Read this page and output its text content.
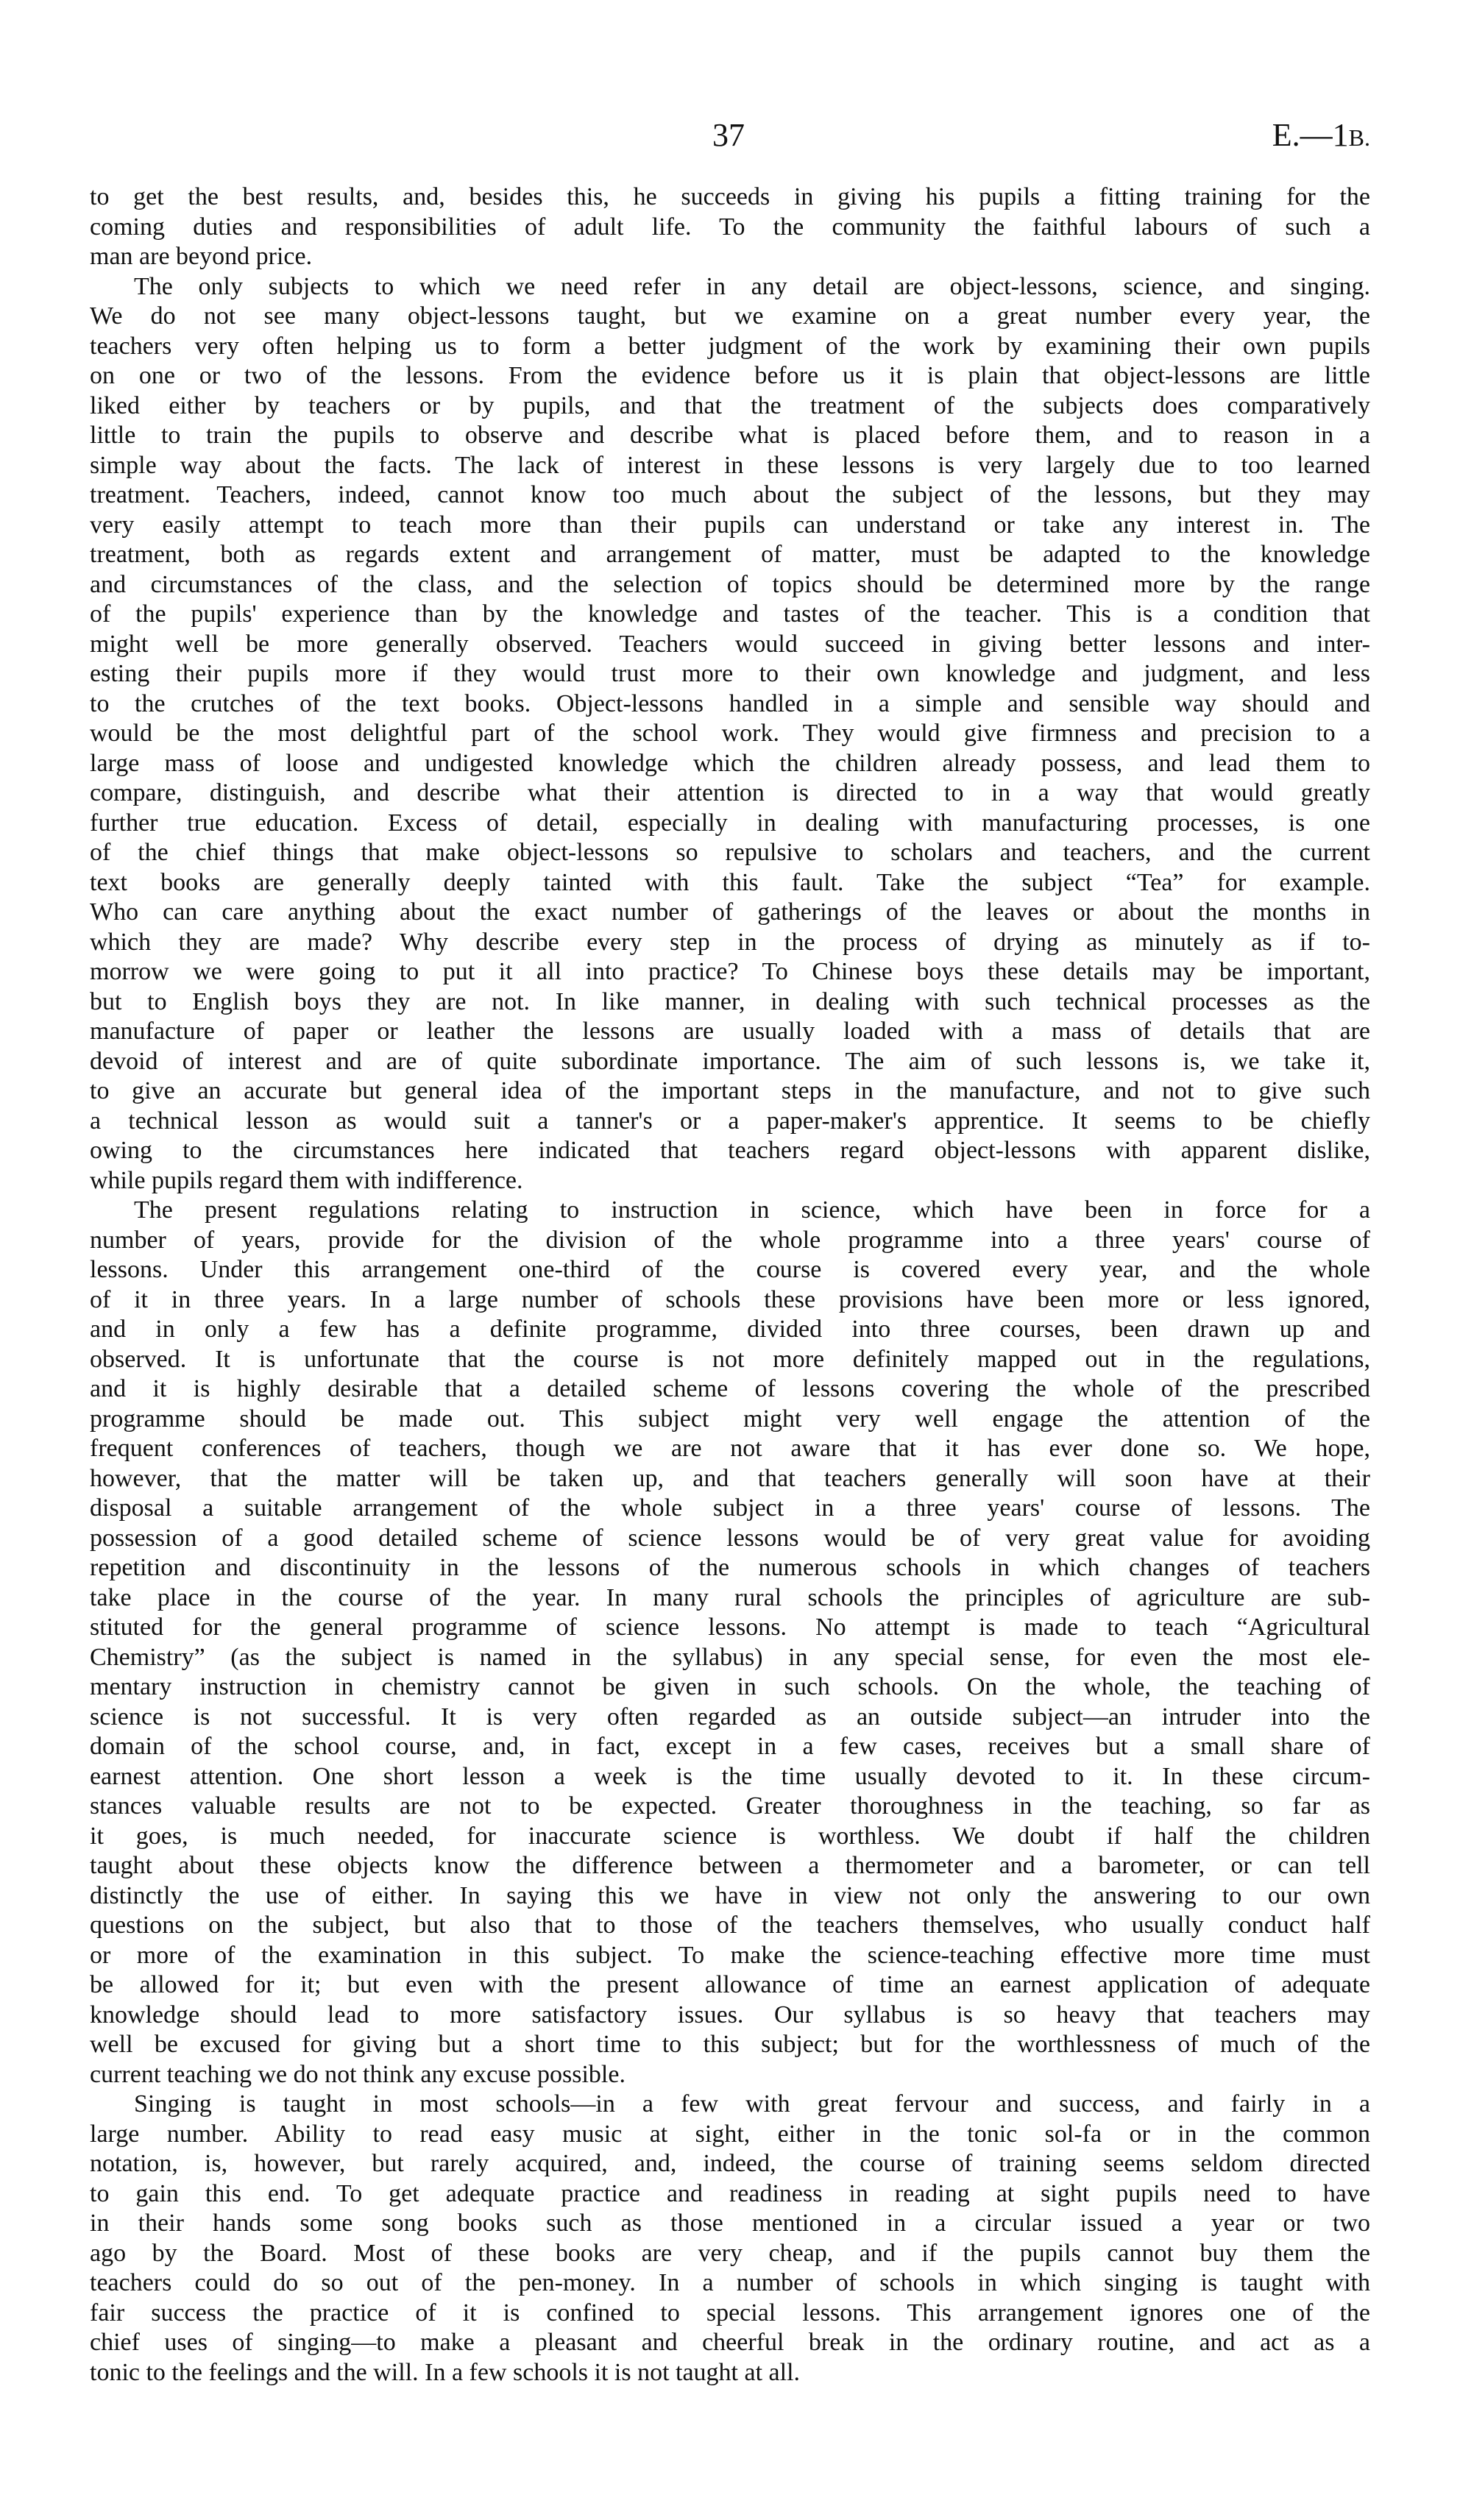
37	E.—1B.
to get the best results, and, besides this, he succeeds in giving his pupils a fitting training for the
coming duties and responsibilities of adult life. To the community the faithful labours of such a
man are beyond price.
The only subjects to which we need refer in any detail are object-lessons, science, and singing.
We do not see many object-lessons taught, but we examine on a great number every year, the
teachers very often helping us to form a better judgment of the work by examining their own pupils
on one or two of the lessons. From the evidence before us it is plain that object-lessons are little
liked either by teachers or by pupils, and that the treatment of the subjects does comparatively
little to train the pupils to observe and describe what is placed before them, and to reason in a
simple way about the facts. The lack of interest in these lessons is very largely due to too learned
treatment. Teachers, indeed, cannot know too much about the subject of the lessons, but they may
very easily attempt to teach more than their pupils can understand or take any interest in. The
treatment, both as regards extent and arrangement of matter, must be adapted to the knowledge
and circumstances of the class, and the selection of topics should be determined more by the range
of the pupils' experience than by the knowledge and tastes of the teacher. This is a condition that
might well be more generally observed. Teachers would succeed in giving better lessons and inter-
esting their pupils more if they would trust more to their own knowledge and judgment, and less
to the crutches of the text books. Object-lessons handled in a simple and sensible way should and
would be the most delightful part of the school work. They would give firmness and precision to a
large mass of loose and undigested knowledge which the children already possess, and lead them to
compare, distinguish, and describe what their attention is directed to in a way that would greatly
further true education. Excess of detail, especially in dealing with manufacturing processes, is one
of the chief things that make object-lessons so repulsive to scholars and teachers, and the current
text books are generally deeply tainted with this fault. Take the subject “Tea” for example.
Who can care anything about the exact number of gatherings of the leaves or about the months in
which they are made? Why describe every step in the process of drying as minutely as if to-
morrow we were going to put it all into practice? To Chinese boys these details may be important,
but to English boys they are not. In like manner, in dealing with such technical processes as the
manufacture of paper or leather the lessons are usually loaded with a mass of details that are
devoid of interest and are of quite subordinate importance. The aim of such lessons is, we take it,
to give an accurate but general idea of the important steps in the manufacture, and not to give such
a technical lesson as would suit a tanner's or a paper-maker's apprentice. It seems to be chiefly
owing to the circumstances here indicated that teachers regard object-lessons with apparent dislike,
while pupils regard them with indifference.
The present regulations relating to instruction in science, which have been in force for a
number of years, provide for the division of the whole programme into a three years' course of
lessons. Under this arrangement one-third of the course is covered every year, and the whole
of it in three years. In a large number of schools these provisions have been more or less ignored,
and in only a few has a definite programme, divided into three courses, been drawn up and
observed. It is unfortunate that the course is not more definitely mapped out in the regulations,
and it is highly desirable that a detailed scheme of lessons covering the whole of the prescribed
programme should be made out. This subject might very well engage the attention of the
frequent conferences of teachers, though we are not aware that it has ever done so. We hope,
however, that the matter will be taken up, and that teachers generally will soon have at their
disposal a suitable arrangement of the whole subject in a three years' course of lessons. The
possession of a good detailed scheme of science lessons would be of very great value for avoiding
repetition and discontinuity in the lessons of the numerous schools in which changes of teachers
take place in the course of the year. In many rural schools the principles of agriculture are sub-
stituted for the general programme of science lessons. No attempt is made to teach “Agricultural
Chemistry” (as the subject is named in the syllabus) in any special sense, for even the most ele-
mentary instruction in chemistry cannot be given in such schools. On the whole, the teaching of
science is not successful. It is very often regarded as an outside subject—an intruder into the
domain of the school course, and, in fact, except in a few cases, receives but a small share of
earnest attention. One short lesson a week is the time usually devoted to it. In these circum-
stances valuable results are not to be expected. Greater thoroughness in the teaching, so far as
it goes, is much needed, for inaccurate science is worthless. We doubt if half the children
taught about these objects know the difference between a thermometer and a barometer, or can tell
distinctly the use of either. In saying this we have in view not only the answering to our own
questions on the subject, but also that to those of the teachers themselves, who usually conduct half
or more of the examination in this subject. To make the science-teaching effective more time must
be allowed for it; but even with the present allowance of time an earnest application of adequate
knowledge should lead to more satisfactory issues. Our syllabus is so heavy that teachers may
well be excused for giving but a short time to this subject; but for the worthlessness of much of the
current teaching we do not think any excuse possible.
Singing is taught in most schools—in a few with great fervour and success, and fairly in a
large number. Ability to read easy music at sight, either in the tonic sol-fa or in the common
notation, is, however, but rarely acquired, and, indeed, the course of training seems seldom directed
to gain this end. To get adequate practice and readiness in reading at sight pupils need to have
in their hands some song books such as those mentioned in a circular issued a year or two
ago by the Board. Most of these books are very cheap, and if the pupils cannot buy them the
teachers could do so out of the pen-money. In a number of schools in which singing is taught with
fair success the practice of it is confined to special lessons. This arrangement ignores one of the
chief uses of singing—to make a pleasant and cheerful break in the ordinary routine, and act as a
tonic to the feelings and the will. In a few schools it is not taught at all.
